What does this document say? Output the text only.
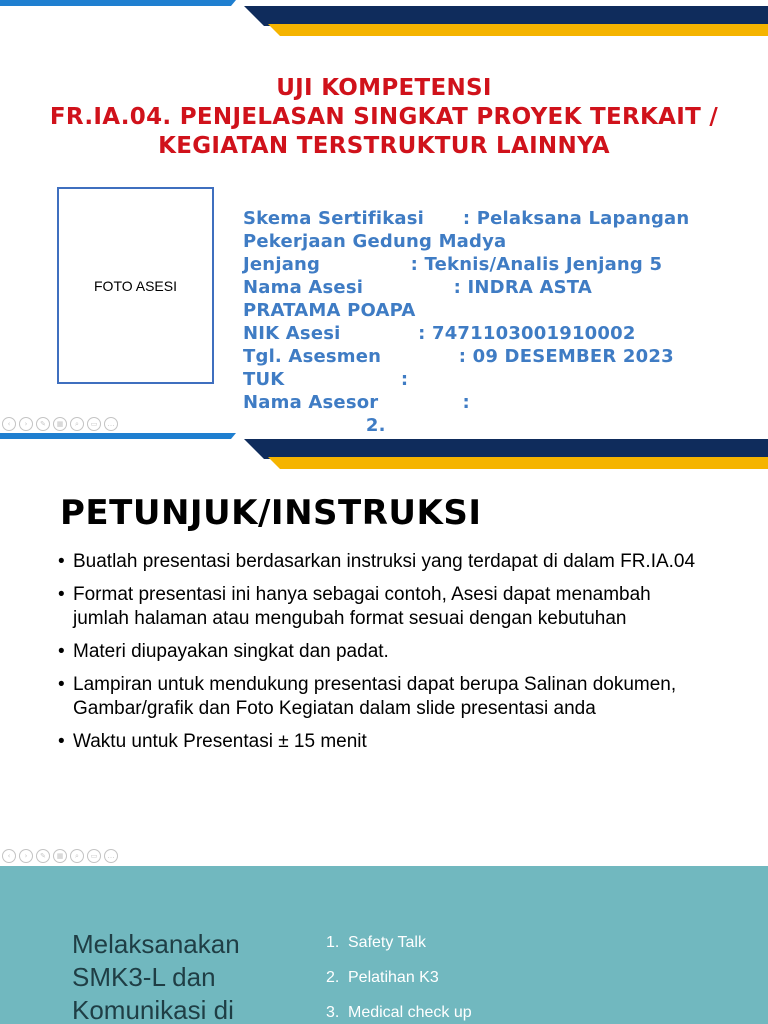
UJI KOMPETENSI
FR.IA.04. PENJELASAN SINGKAT PROYEK TERKAIT /
KEGIATAN TERSTRUKTUR LAINNYA
FOTO ASESI
Skema Sertifikasi      : Pelaksana Lapangan
Pekerjaan Gedung Madya
Jenjang              : Teknis/Analis Jenjang 5
Nama Asesi              : INDRA ASTA
PRATAMA POAPA
NIK Asesi            : 7471103001910002
Tgl. Asesmen            : 09 DESEMBER 2023
TUK                  :
Nama Asesor             :
2.
‹	›	✎	▦	⌕	▭	…
PETUNJUK/INSTRUKSI
• Buatlah presentasi berdasarkan instruksi yang terdapat di dalam FR.IA.04
• Format presentasi ini hanya sebagai contoh, Asesi dapat menambah jumlah halaman atau mengubah format sesuai dengan kebutuhan
• Materi diupayakan singkat dan padat.
• Lampiran untuk mendukung presentasi dapat berupa Salinan dokumen, Gambar/grafik dan Foto Kegiatan dalam slide presentasi anda
• Waktu untuk Presentasi ± 15 menit
‹	›	✎	▦	⌕	▭	…
Melaksanakan
SMK3-L dan
Komunikasi di
1. Safety Talk
2. Pelatihan K3
3. Medical check up
